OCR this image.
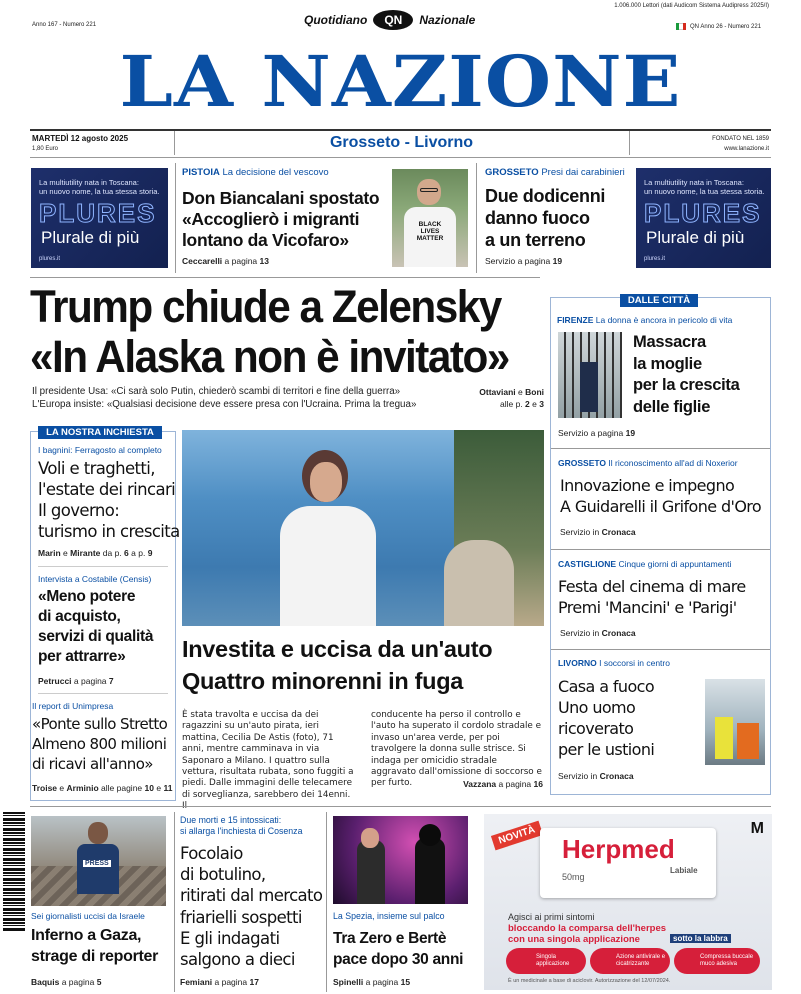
1.006.000 Lettori (dati Audicom Sistema Audipress 2025/I)
Anno 167 - Numero 221	Quotidiano	QN	Nazionale	QN Anno 26 - Numero 221
LA NAZIONE
MARTEDÌ 12 agosto 2025
1,80 Euro	Grosseto - Livorno	FONDATO NEL 1859
www.lanazione.it
La multiutility nata in Toscana:
un nuovo nome, la tua stessa storia.
PLURES
Plurale di più
plures.it
PISTOIA La decisione del vescovo
Don Biancalani spostato
«Accoglierò i migranti
lontano da Vicofaro»
Ceccarelli a pagina 13
BLACK LIVES MATTER
GROSSETO Presi dai carabinieri
Due dodicenni
danno fuoco
a un terreno
Servizio a pagina 19
La multiutility nata in Toscana:
un nuovo nome, la tua stessa storia.
PLURES
Plurale di più
plures.it
Trump chiude a Zelensky
«In Alaska non è invitato»
Il presidente Usa: «Ci sarà solo Putin, chiederò scambi di territori e fine della guerra»
L'Europa insiste: «Qualsiasi decisione deve essere presa con l'Ucraina. Prima la tregua»
Ottaviani e Boni
alle p. 2 e 3
LA NOSTRA INCHIESTA
I bagnini: Ferragosto al completo
Voli e traghetti,
l'estate dei rincari
Il governo:
turismo in crescita
Marin e Mirante da p. 6 a p. 9
Intervista a Costabile (Censis)
«Meno potere
di acquisto,
servizi di qualità
per attrarre»
Petrucci a pagina 7
Il report di Unimpresa
«Ponte sullo Stretto
Almeno 800 milioni
di ricavi all'anno»
Troise e Arminio alle pagine 10 e 11
Investita e uccisa da un'auto
Quattro minorenni in fuga
È stata travolta e uccisa da dei ragazzini su un'auto pirata, ieri mattina, Cecilia De Astis (foto), 71 anni, mentre camminava in via Saponaro a Milano. I quattro sulla vettura, risultata rubata, sono fuggiti a piedi. Dalle immagini delle telecamere di sorveglianza, sarebbero dei 14enni.
conducente ha perso il controllo e l'auto ha superato il cordolo stradale e invaso un'area verde, per poi travolgere la donna sulle strisce. Si indaga per omicidio stradale aggravato dall'omissione di soccorso e per furto.	Vazzana a pagina 16
DALLE CITTÀ
FIRENZE La donna è ancora in pericolo di vita
Massacra
la moglie
per la crescita
delle figlie
Servizio a pagina 19
GROSSETO Il riconoscimento all'ad di Noxerior
Innovazione e impegno
A Guidarelli il Grifone d'Oro
Servizio in Cronaca
CASTIGLIONE Cinque giorni di appuntamenti
Festa del cinema di mare
Premi 'Mancini' e 'Parigi'
Servizio in Cronaca
LIVORNO I soccorsi in centro
Casa a fuoco
Uno uomo
ricoverato
per le ustioni
Servizio in Cronaca
PRESS
Sei giornalisti uccisi da Israele
Inferno a Gaza,
strage di reporter
Baquis a pagina 5
Due morti e 15 intossicati:
si allarga l'inchiesta di Cosenza
Focolaio
di botulino,
ritirati dal mercato
friarielli sospetti
E gli indagati
salgono a dieci
Femiani a pagina 17
La Spezia, insieme sul palco
Tra Zero e Bertè
pace dopo 30 anni
Spinelli a pagina 15
NOVITÀ Herpmed
Labiale
50mg
M
Agisci ai primi sintomi
bloccando la comparsa dell'herpes
con una singola applicazione	sotto la labbra
Singola applicazione
Azione antivirale e cicatrizzante
Compressa buccale muco adesiva
È un medicinale a base di aciclovir. Autorizzazione del 12/07/2024.
